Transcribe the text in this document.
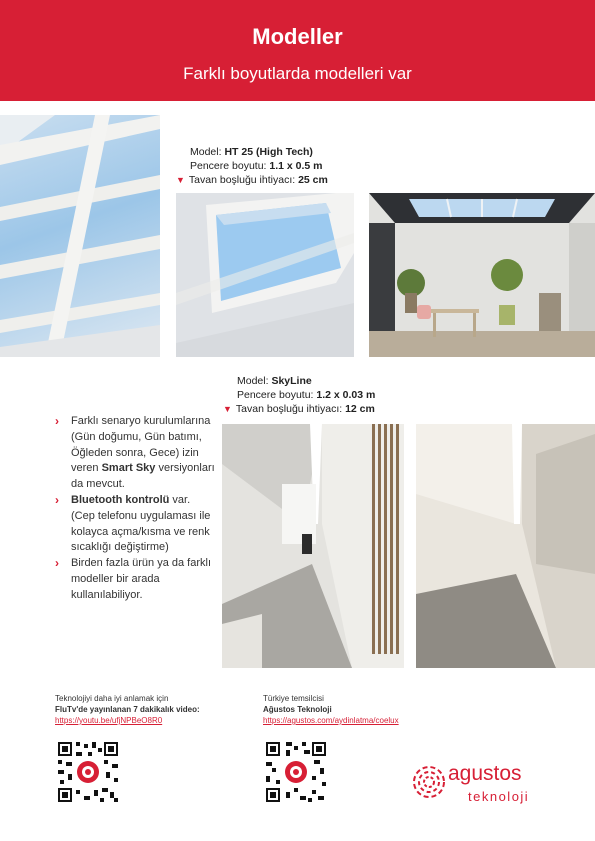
Modeller
Farklı boyutlarda modelleri var
Model: HT 25 (High Tech)
Pencere boyutu: 1.1 x 0.5 m
▼ Tavan boşluğu ihtiyacı: 25 cm
Model: SkyLine
Pencere boyutu: 1.2 x 0.03 m
▼ Tavan boşluğu ihtiyacı: 12 cm
› Farklı senaryo kurulumlarına (Gün doğumu, Gün batımı, Öğleden sonra, Gece) izin veren Smart Sky versiyonları da mevcut.
› Bluetooth kontrolü var. (Cep telefonu uygulaması ile kolayca açma/kısma ve renk sıcaklığı değiştirme)
› Birden fazla ürün ya da farklı modeller bir arada kullanılabiliyor.
Teknolojiyi daha iyi anlamak için
FluTv'de yayınlanan 7 dakikalık video:
https://youtu.be/ufjNPBeO8R0
Türkiye temsilcisi
Ağustos Teknoloji
https://agustos.com/aydinlatma/coelux
agustos
teknoloji
